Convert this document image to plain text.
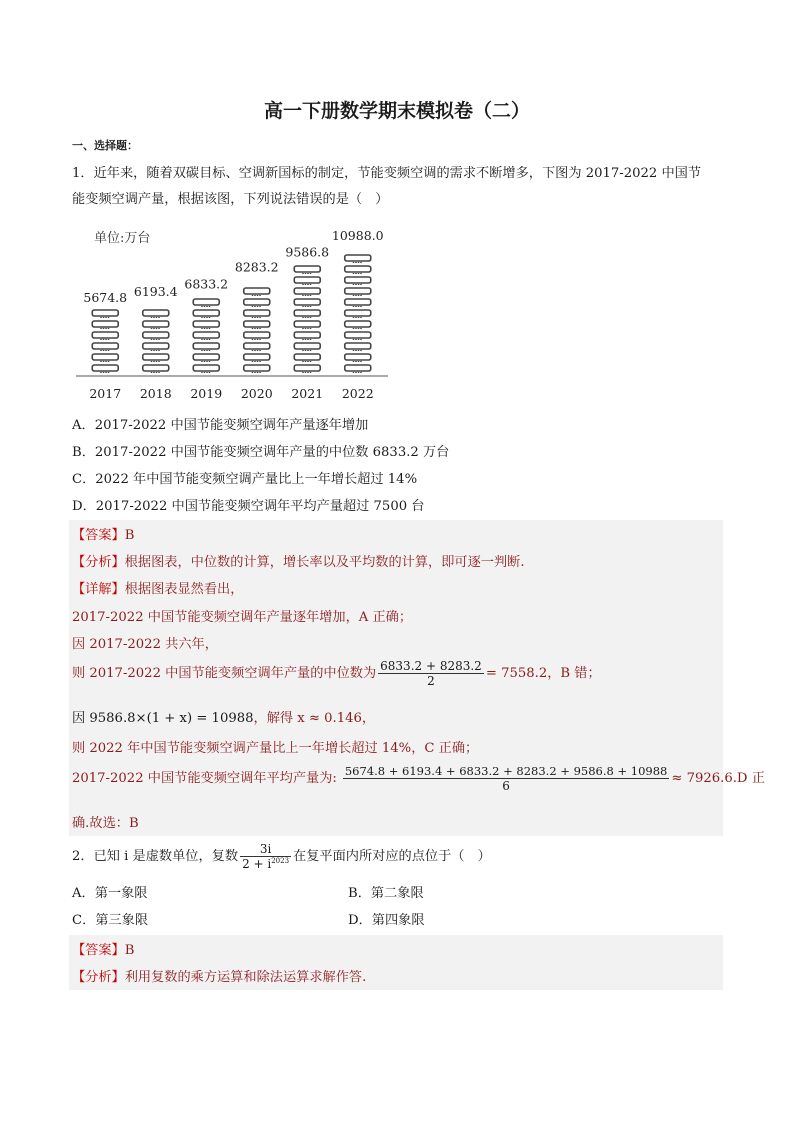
高一下册数学期末模拟卷（二）
一、选择题：
1．近年来，随着双碳目标、空调新国标的制定，节能变频空调的需求不断增多，下图为 2017-2022 中国节
能变频空调产量，根据该图，下列说法错误的是（　）
单位:万台
5674.8 6193.4 6833.2
8283.2
9586.8
10988.0
2017 2018 2019 2020 2021 2022
A．2017-2022 中国节能变频空调年产量逐年增加
B．2017-2022 中国节能变频空调年产量的中位数 6833.2 万台
C．2022 年中国节能变频空调产量比上一年增长超过 14%
D．2017-2022 中国节能变频空调年平均产量超过 7500 台
【答案】B
【分析】根据图表，中位数的计算，增长率以及平均数的计算，即可逐一判断.
【详解】根据图表显然看出，
2017-2022 中国节能变频空调年产量逐年增加，A 正确；
因 2017-2022 共六年，
则 2017-2022 中国节能变频空调年产量的中位数为 $\frac{6833.2 + 8283.2}{2} = 7558.2$，B 错；
因 9586.8×(1 + x) = 10988，解得 x ≈ 0.146，
则 2022 年中国节能变频空调产量比上一年增长超过 14%，C 正确；
2017-2022 中国节能变频空调年平均产量为: $\frac{5674.8 + 6193.4 + 6833.2 + 8283.2 + 9586.8 + 10988}{6} \approx 7926.6.D$ 正
确.故选：B
2．已知 i 是虚数单位，复数 $\frac{3i}{2 + i^{2023}}$ 在复平面内所对应的点位于（　）
A．第一象限	B．第二象限
C．第三象限	D．第四象限
【答案】B
【分析】利用复数的乘方运算和除法运算求解作答.
